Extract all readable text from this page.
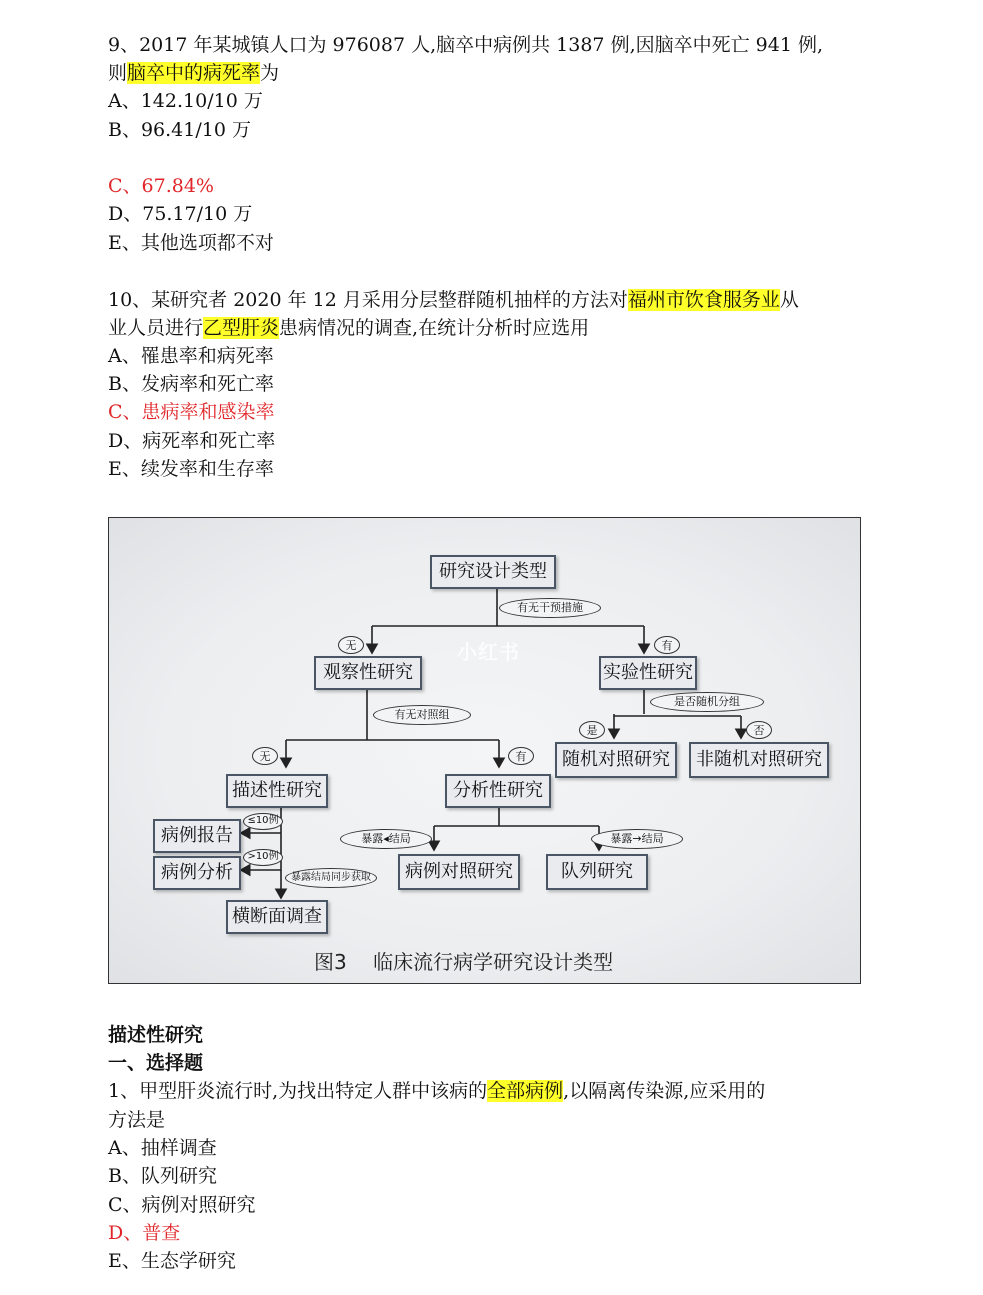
9、2017 年某城镇人口为 976087 人,脑卒中病例共 1387 例,因脑卒中死亡 941 例,
则脑卒中的病死率为
A、142.10/10 万
B、96.41/10 万
C、67.84%
D、75.17/10 万
E、其他选项都不对
10、某研究者 2020 年 12 月采用分层整群随机抽样的方法对福州市饮食服务业从
业人员进行乙型肝炎患病情况的调查,在统计分析时应选用
A、罹患率和病死率
B、发病率和死亡率
C、患病率和感染率
D、病死率和死亡率
E、续发率和生存率
研究设计类型
有无干预措施
无	有
观察性研究	实验性研究
有无对照组
是否随机分组
无	有
是	否
随机对照研究	非随机对照研究
描述性研究	分析性研究
≤10例
>10例
暴露结局同步获取
病例报告
病例分析
横断面调查
暴露◂结局	暴露→结局
病例对照研究	队列研究
小红书
图3　 临床流行病学研究设计类型
描述性研究
一、选择题
1、甲型肝炎流行时,为找出特定人群中该病的全部病例,以隔离传染源,应采用的
方法是
A、抽样调查
B、队列研究
C、病例对照研究
D、普查
E、生态学研究
